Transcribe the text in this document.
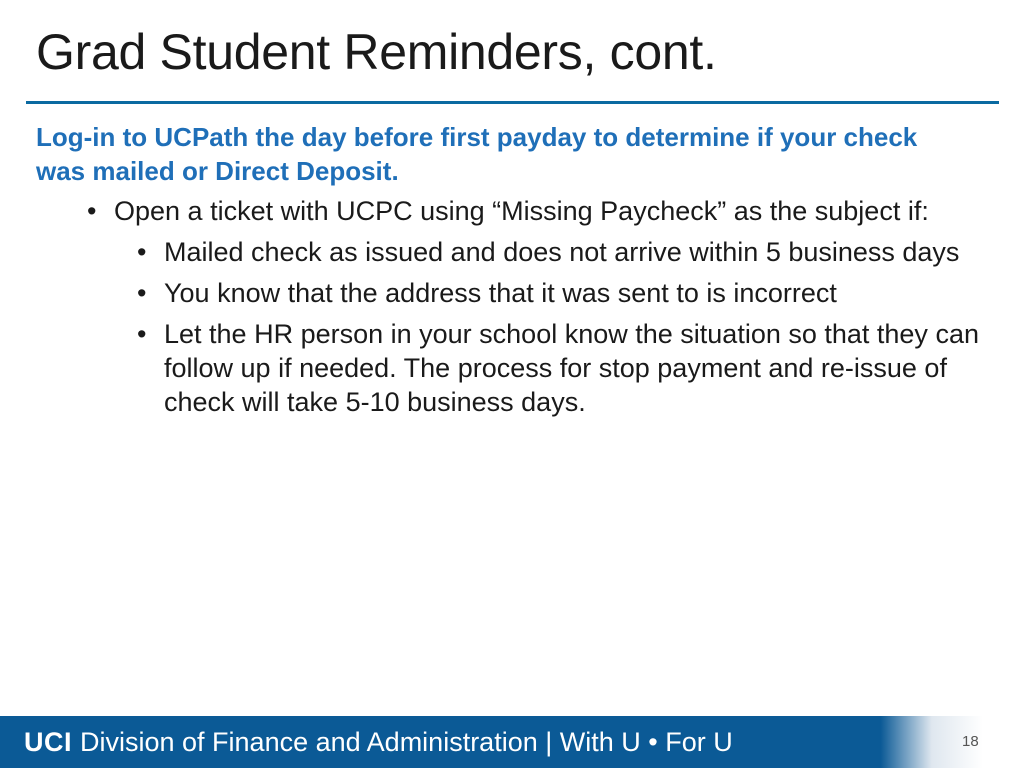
Grad Student Reminders, cont.
Log-in to UCPath the day before first payday to determine if your check was mailed or Direct Deposit.
• Open a ticket with UCPC using “Missing Paycheck” as the subject if:
• Mailed check as issued and does not arrive within 5 business days
• You know that the address that it was sent to is incorrect
• Let the HR person in your school know the situation so that they can follow up if needed. The process for stop payment and re-issue of check will take 5-10 business days.
UCI Division of Finance and Administration | With U • For U	18
